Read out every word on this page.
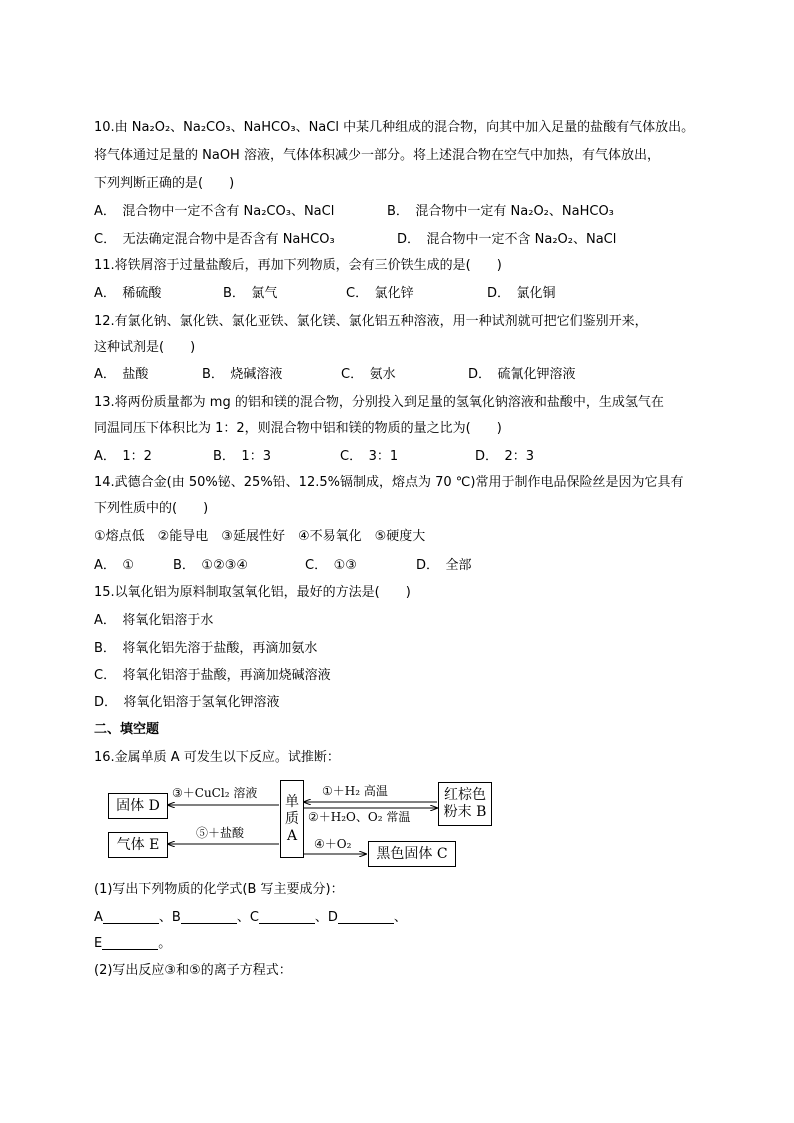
10.由 Na₂O₂、Na₂CO₃、NaHCO₃、NaCl 中某几种组成的混合物，向其中加入足量的盐酸有气体放出。
将气体通过足量的 NaOH 溶液，气体体积减少一部分。将上述混合物在空气中加热，有气体放出，
下列判断正确的是(　　)
A．　混合物中一定不含有 Na₂CO₃、NaCl	B．　混合物中一定有 Na₂O₂、NaHCO₃
C．　无法确定混合物中是否含有 NaHCO₃	D．　混合物中一定不含 Na₂O₂、NaCl
11.将铁屑溶于过量盐酸后，再加下列物质，会有三价铁生成的是(　　)
A．　稀硫酸	B．　氯气	C．　氯化锌	D．　氯化铜
12.有氯化钠、氯化铁、氯化亚铁、氯化镁、氯化铝五种溶液，用一种试剂就可把它们鉴别开来，
这种试剂是(　　)
A．　盐酸	B．　烧碱溶液	C．　氨水	D．　硫氰化钾溶液
13.将两份质量都为 mg 的铝和镁的混合物，分别投入到足量的氢氧化钠溶液和盐酸中，生成氢气在
同温同压下体积比为 1：2，则混合物中铝和镁的物质的量之比为(　　)
A．　1：2	B．　1：3	C．　3：1	D．　2：3
14.武德合金(由 50%铋、25%铅、12.5%镉制成，熔点为 70 ℃)常用于制作电品保险丝是因为它具有
下列性质中的(　　)
①熔点低　②能导电　③延展性好　④不易氧化　⑤硬度大
A．　①	B．　①②③④	C．　①③	D．　全部
15.以氧化铝为原料制取氢氧化铝，最好的方法是(　　)
A．　将氧化铝溶于水
B．　将氧化铝先溶于盐酸，再滴加氨水
C．　将氧化铝溶于盐酸，再滴加烧碱溶液
D．　将氧化铝溶于氢氧化钾溶液
二、填空题
16.金属单质 A 可发生以下反应。试推断：
(1)写出下列物质的化学式(B 写主要成分)：
A	、B	、C	、D	、
E	。
(2)写出反应③和⑤的离子方程式：
固体 D
气体 E
单
质
A
红棕色
粉末 B
黑色固体 C
③＋CuCl₂ 溶液
⑤＋盐酸
①＋H₂ 高温
②＋H₂O、O₂ 常温
④＋O₂
